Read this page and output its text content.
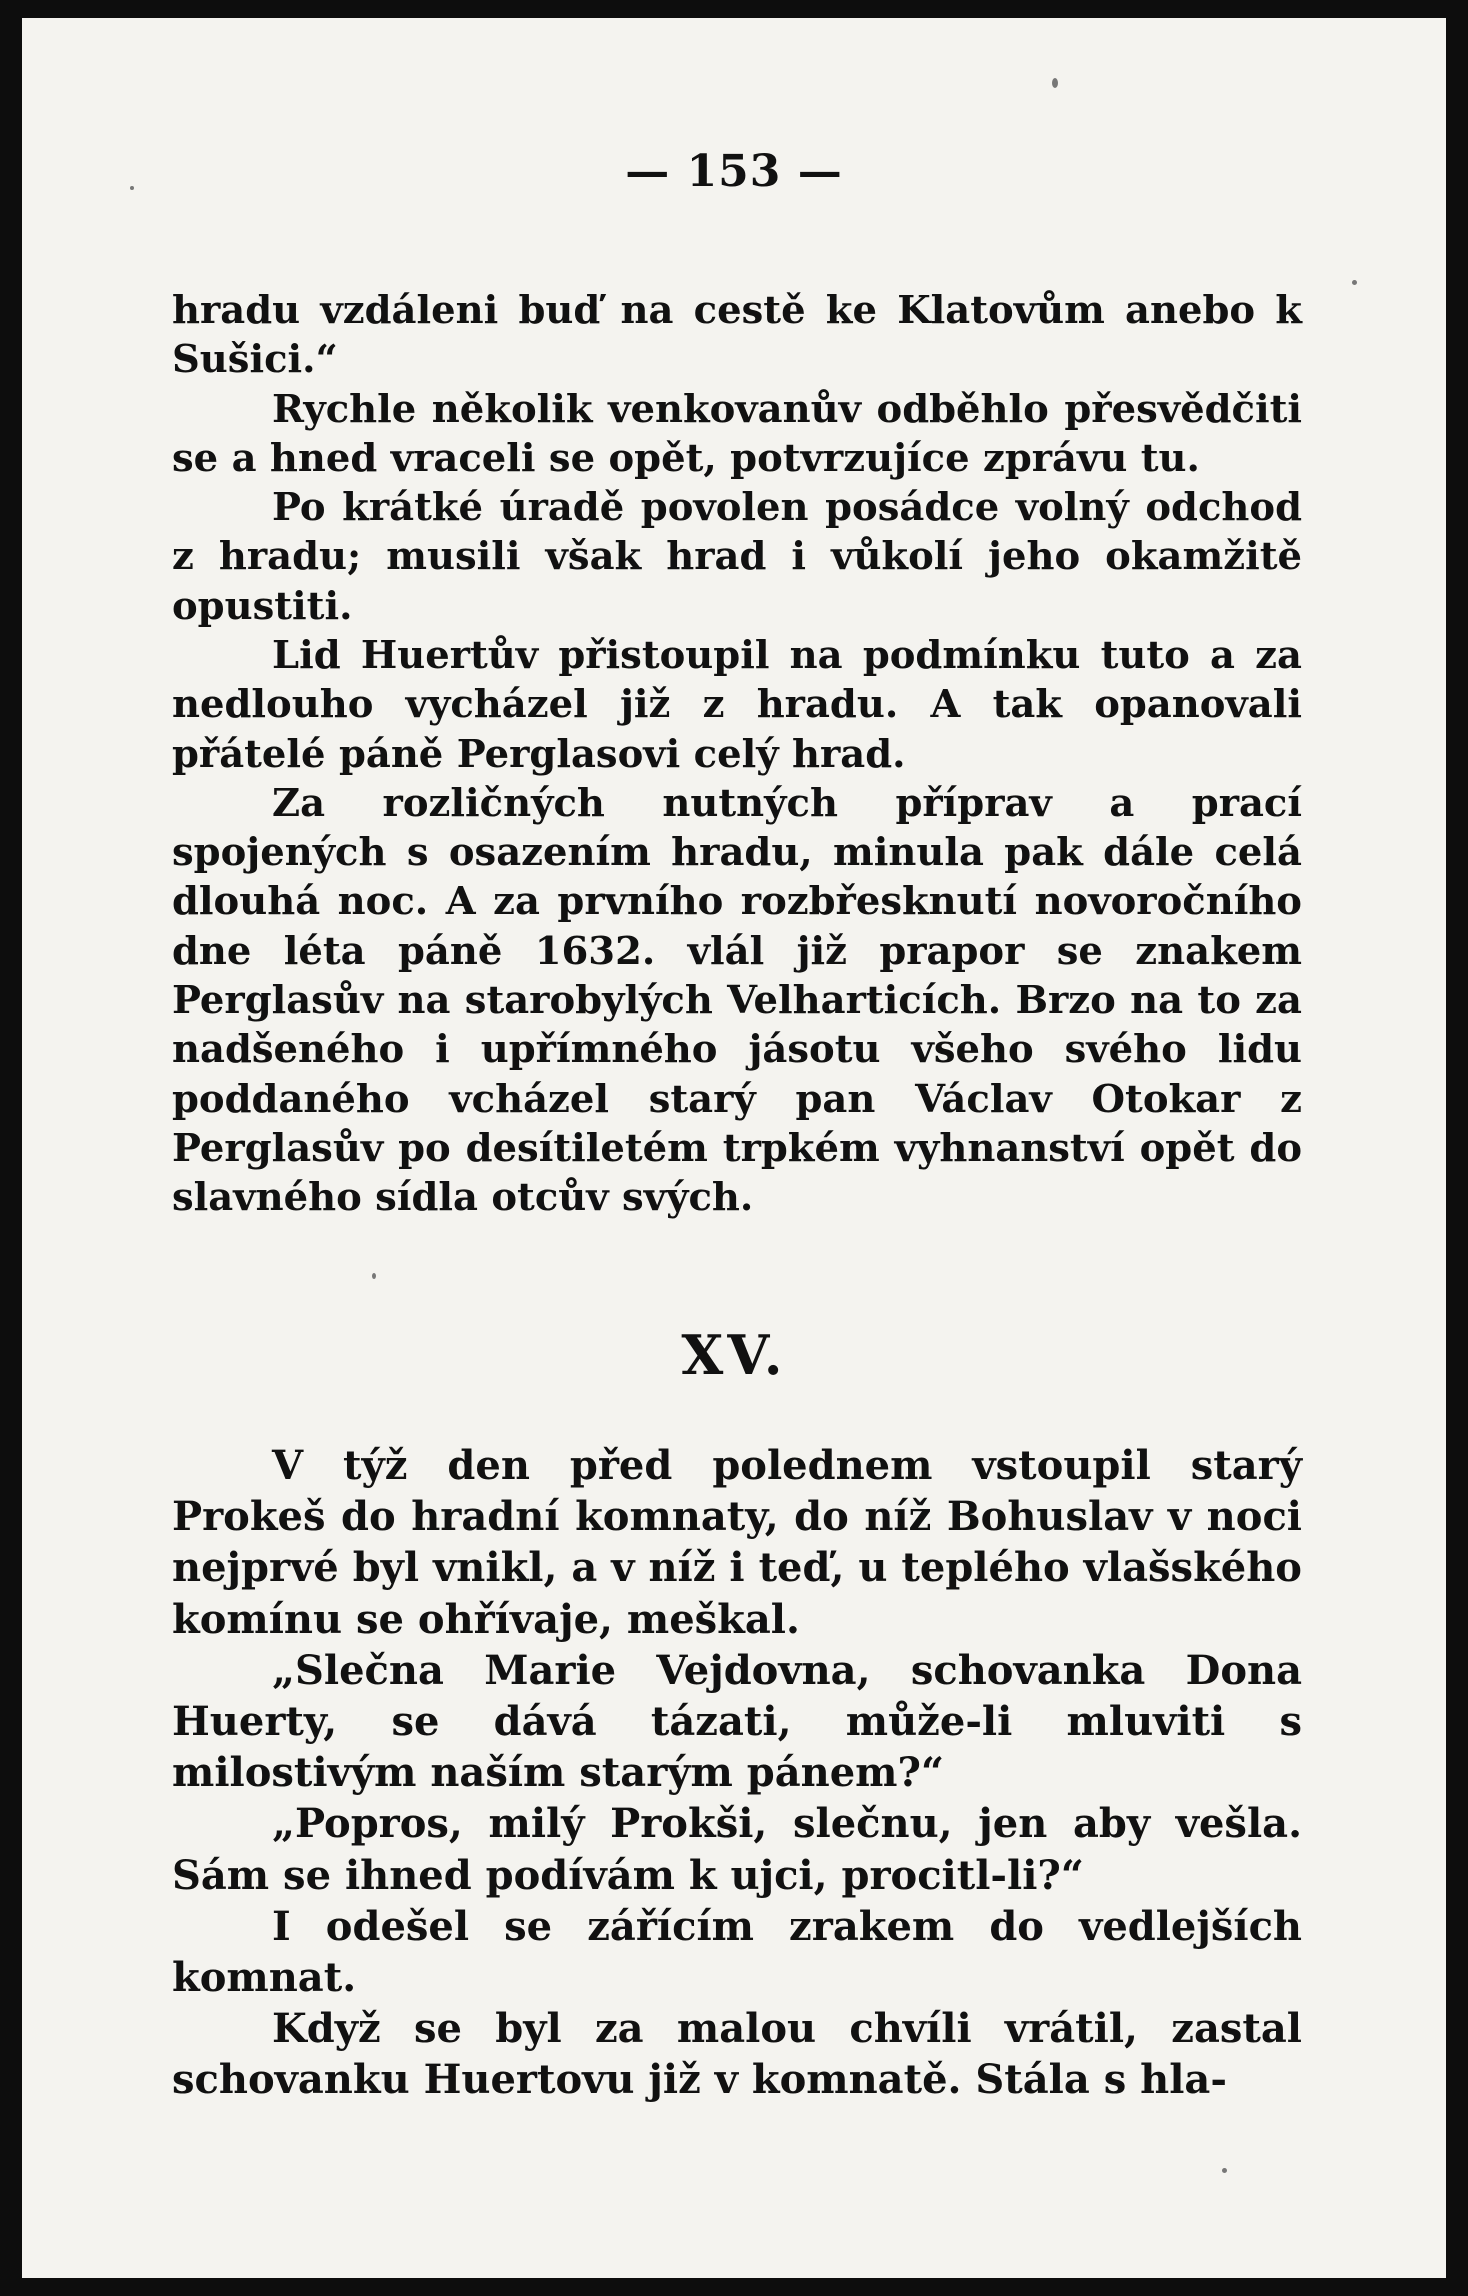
— 153 —

hradu vzdáleni buď na cestě ke Klatovům anebo k Sušici.“

Rychle několik venkovanův odběhlo přesvědčiti se a hned vraceli se opět, potvrzujíce zprávu tu.

Po krátké úradě povolen posádce volný odchod z hradu; musili však hrad i vůkolí jeho okamžitě opustiti.

Lid Huertův přistoupil na podmínku tuto a za nedlouho vycházel již z hradu. A tak opanovali přátelé páně Perglasovi celý hrad.

Za rozličných nutných příprav a prací spojených s osazením hradu, minula pak dále celá dlouhá noc. A za prvního rozbřesknutí novoročního dne léta páně 1632. vlál již prapor se znakem Perglasův na starobylých Velharticích. Brzo na to za nadšeného i upřímného jásotu všeho svého lidu poddaného vcházel starý pan Václav Otokar z Perglasův po desítiletém trpkém vyhnanství opět do slavného sídla otcův svých.

XV.

V týž den před polednem vstoupil starý Prokeš do hradní komnaty, do níž Bohuslav v noci nejprvé byl vnikl, a v níž i teď, u teplého vlašského komínu se ohřívaje, meškal.

„Slečna Marie Vejdovna, schovanka Dona Huerty, se dává tázati, může-li mluviti s milostivým naším starým pánem?“

„Popros, milý Prokši, slečnu, jen aby vešla. Sám se ihned podívám k ujci, procitl-li?“

I odešel se zářícím zrakem do vedlejších komnat.

Když se byl za malou chvíli vrátil, zastal schovanku Huertovu již v komnatě. Stála s hla-
